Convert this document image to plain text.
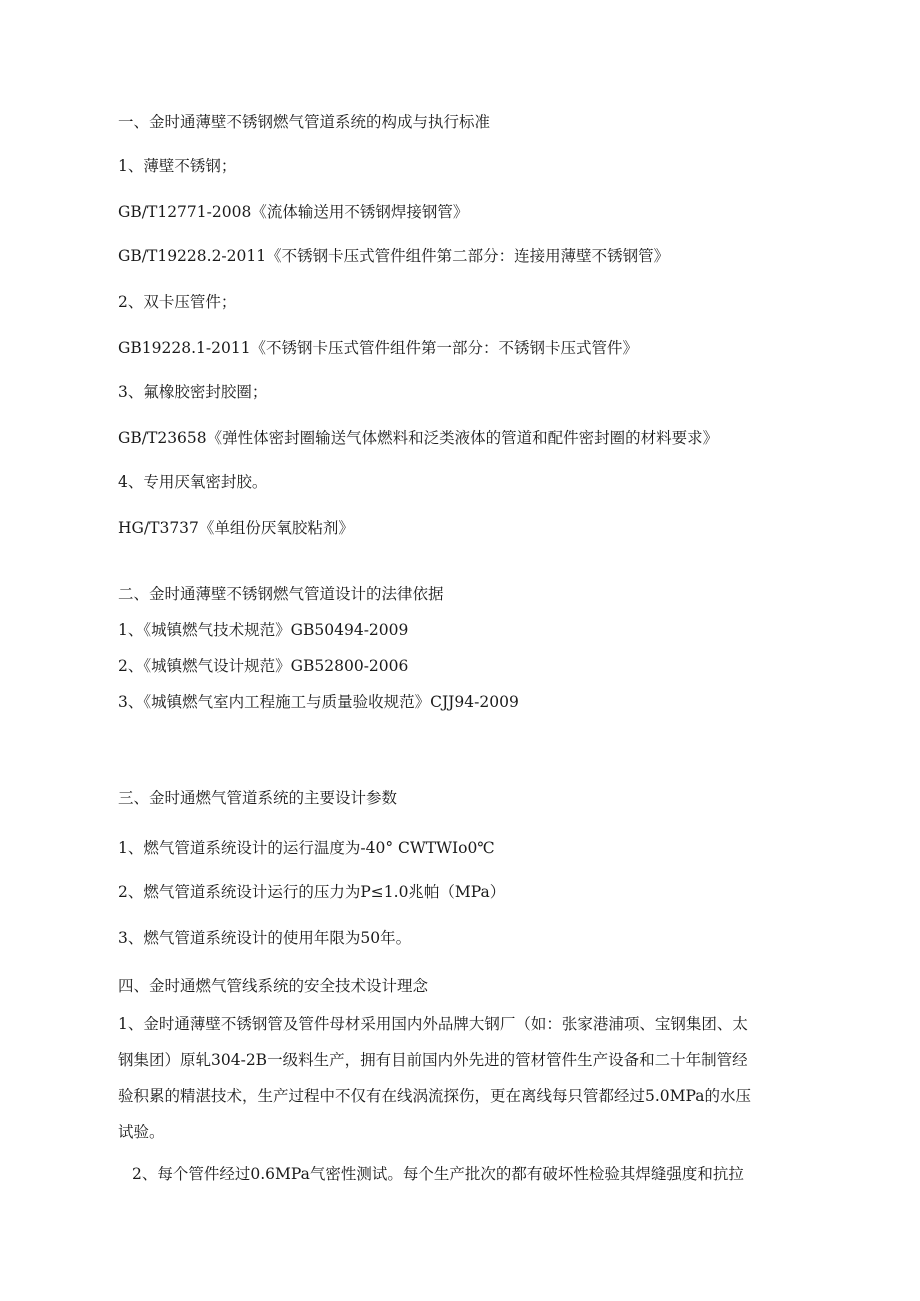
一、金时通薄壁不锈钢燃气管道系统的构成与执行标准
1、薄壁不锈钢；
GB/T12771-2008《流体输送用不锈钢焊接钢管》
GB/T19228.2-2011《不锈钢卡压式管件组件第二部分：连接用薄壁不锈钢管》
2、双卡压管件；
GB19228.1-2011《不锈钢卡压式管件组件第一部分：不锈钢卡压式管件》
3、氟橡胶密封胶圈；
GB/T23658《弹性体密封圈输送气体燃料和泛类液体的管道和配件密封圈的材料要求》
4、专用厌氧密封胶。
HG/T3737《单组份厌氧胶粘剂》
二、金时通薄壁不锈钢燃气管道设计的法律依据
1、《城镇燃气技术规范》GB50494-2009
2、《城镇燃气设计规范》GB52800-2006
3、《城镇燃气室内工程施工与质量验收规范》CJJ94-2009
三、金时通燃气管道系统的主要设计参数
1、燃气管道系统设计的运行温度为-40° CWTWIo0℃
2、燃气管道系统设计运行的压力为P≤1.0兆帕（MPa）
3、燃气管道系统设计的使用年限为50年。
四、金时通燃气管线系统的安全技术设计理念
1、金时通薄壁不锈钢管及管件母材采用国内外品牌大钢厂（如：张家港浦项、宝钢集团、太
钢集团）原轧304-2B一级料生产，拥有目前国内外先进的管材管件生产设备和二十年制管经
验积累的精湛技术，生产过程中不仅有在线涡流探伤，更在离线每只管都经过5.0MPa的水压
试验。
2、每个管件经过0.6MPa气密性测试。每个生产批次的都有破坏性检验其焊缝强度和抗拉
